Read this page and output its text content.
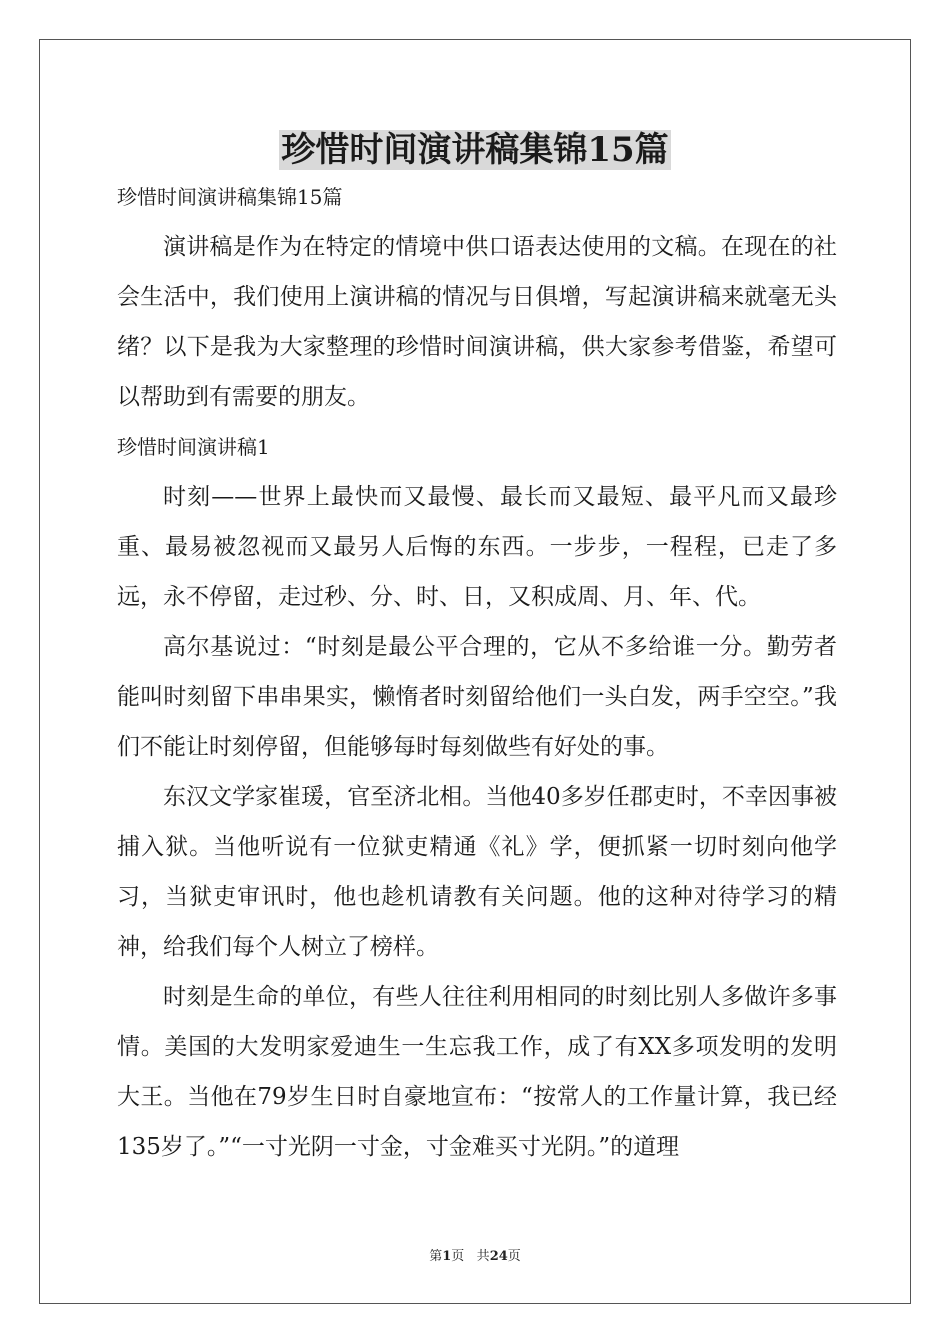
珍惜时间演讲稿集锦15篇
珍惜时间演讲稿集锦15篇

演讲稿是作为在特定的情境中供口语表达使用的文稿。在现在的社会生活中，我们使用上演讲稿的情况与日俱增，写起演讲稿来就毫无头绪？以下是我为大家整理的珍惜时间演讲稿，供大家参考借鉴，希望可以帮助到有需要的朋友。

珍惜时间演讲稿1

时刻——世界上最快而又最慢、最长而又最短、最平凡而又最珍重、最易被忽视而又最另人后悔的东西。一步步，一程程，已走了多远，永不停留，走过秒、分、时、日，又积成周、月、年、代。

高尔基说过：“时刻是最公平合理的，它从不多给谁一分。勤劳者能叫时刻留下串串果实，懒惰者时刻留给他们一头白发，两手空空。”我们不能让时刻停留，但能够每时每刻做些有好处的事。

东汉文学家崔瑗，官至济北相。当他40多岁任郡吏时，不幸因事被捕入狱。当他听说有一位狱吏精通《礼》学，便抓紧一切时刻向他学习，当狱吏审讯时，他也趁机请教有关问题。他的这种对待学习的精神，给我们每个人树立了榜样。

时刻是生命的单位，有些人往往利用相同的时刻比别人多做许多事情。美国的大发明家爱迪生一生忘我工作，成了有XX多项发明的发明大王。当他在79岁生日时自豪地宣布：“按常人的工作量计算，我已经135岁了。”“一寸光阴一寸金，寸金难买寸光阴。”的道理

第1页 共24页
